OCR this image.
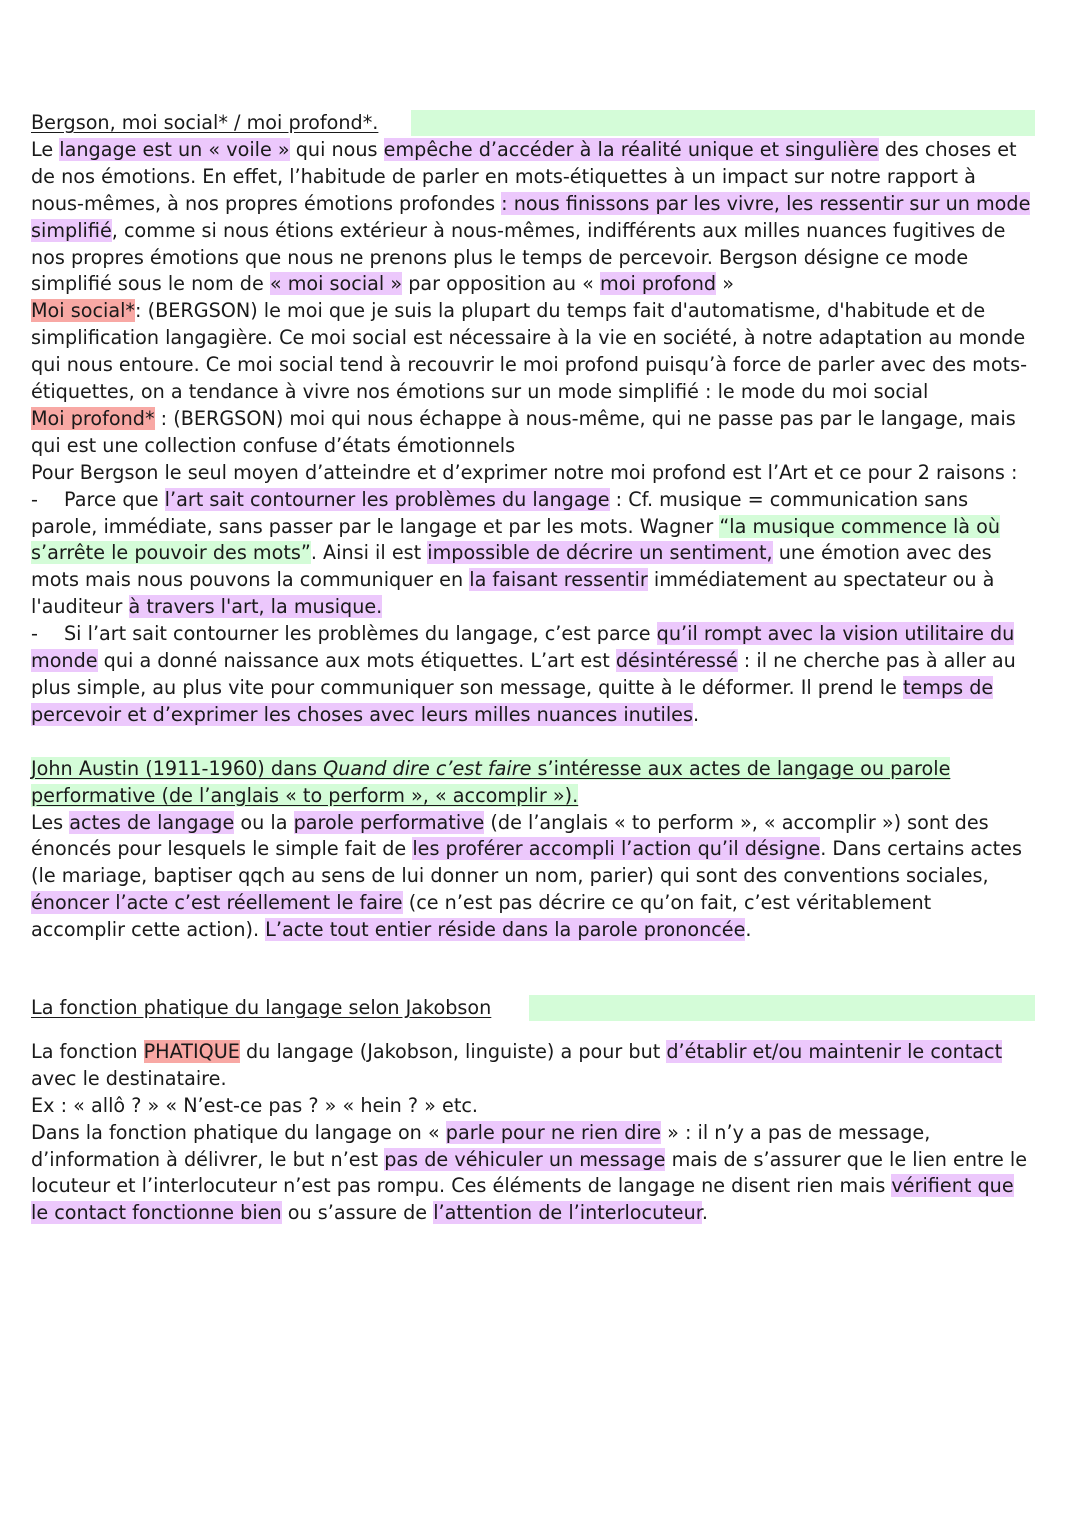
Bergson, moi social* / moi profond*.
Le langage est un « voile » qui nous empêche d’accéder à la réalité unique et singulière des choses et de nos émotions. En effet, l’habitude de parler en mots-étiquettes à un impact sur notre rapport à nous-mêmes, à nos propres émotions profondes : nous finissons par les vivre, les ressentir sur un mode simplifié, comme si nous étions extérieur à nous-mêmes, indifférents aux milles nuances fugitives de nos propres émotions que nous ne prenons plus le temps de percevoir. Bergson désigne ce mode simplifié sous le nom de « moi social » par opposition au « moi profond »
Moi social*: (BERGSON) le moi que je suis la plupart du temps fait d'automatisme, d'habitude et de simplification langagière. Ce moi social est nécessaire à la vie en société, à notre adaptation au monde qui nous entoure. Ce moi social tend à recouvrir le moi profond puisqu’à force de parler avec des mots-étiquettes, on a tendance à vivre nos émotions sur un mode simplifié : le mode du moi social
Moi profond* : (BERGSON) moi qui nous échappe à nous-même, qui ne passe pas par le langage, mais qui est une collection confuse d’états émotionnels
Pour Bergson le seul moyen d’atteindre et d’exprimer notre moi profond est l’Art et ce pour 2 raisons :
- Parce que l’art sait contourner les problèmes du langage : Cf. musique = communication sans parole, immédiate, sans passer par le langage et par les mots. Wagner “la musique commence là où s’arrête le pouvoir des mots”. Ainsi il est impossible de décrire un sentiment, une émotion avec des mots mais nous pouvons la communiquer en la faisant ressentir immédiatement au spectateur ou à l'auditeur à travers l'art, la musique.
- Si l’art sait contourner les problèmes du langage, c’est parce qu’il rompt avec la vision utilitaire du monde qui a donné naissance aux mots étiquettes. L’art est désintéressé : il ne cherche pas à aller au plus simple, au plus vite pour communiquer son message, quitte à le déformer. Il prend le temps de percevoir et d’exprimer les choses avec leurs milles nuances inutiles.
John Austin (1911-1960) dans Quand dire c’est faire s’intéresse aux actes de langage ou parole performative (de l’anglais « to perform », « accomplir »).
Les actes de langage ou la parole performative (de l’anglais « to perform », « accomplir ») sont des énoncés pour lesquels le simple fait de les proférer accompli l’action qu’il désigne. Dans certains actes (le mariage, baptiser qqch au sens de lui donner un nom, parier) qui sont des conventions sociales, énoncer l’acte c’est réellement le faire (ce n’est pas décrire ce qu’on fait, c’est véritablement accomplir cette action). L’acte tout entier réside dans la parole prononcée.
La fonction phatique du langage selon Jakobson
La fonction PHATIQUE du langage (Jakobson, linguiste) a pour but d’établir et/ou maintenir le contact avec le destinataire.
Ex : « allô ? » « N’est-ce pas ? » « hein ? » etc.
Dans la fonction phatique du langage on « parle pour ne rien dire » : il n’y a pas de message, d’information à délivrer, le but n’est pas de véhiculer un message mais de s’assurer que le lien entre le locuteur et l’interlocuteur n’est pas rompu. Ces éléments de langage ne disent rien mais vérifient que le contact fonctionne bien ou s’assure de l’attention de l’interlocuteur.
